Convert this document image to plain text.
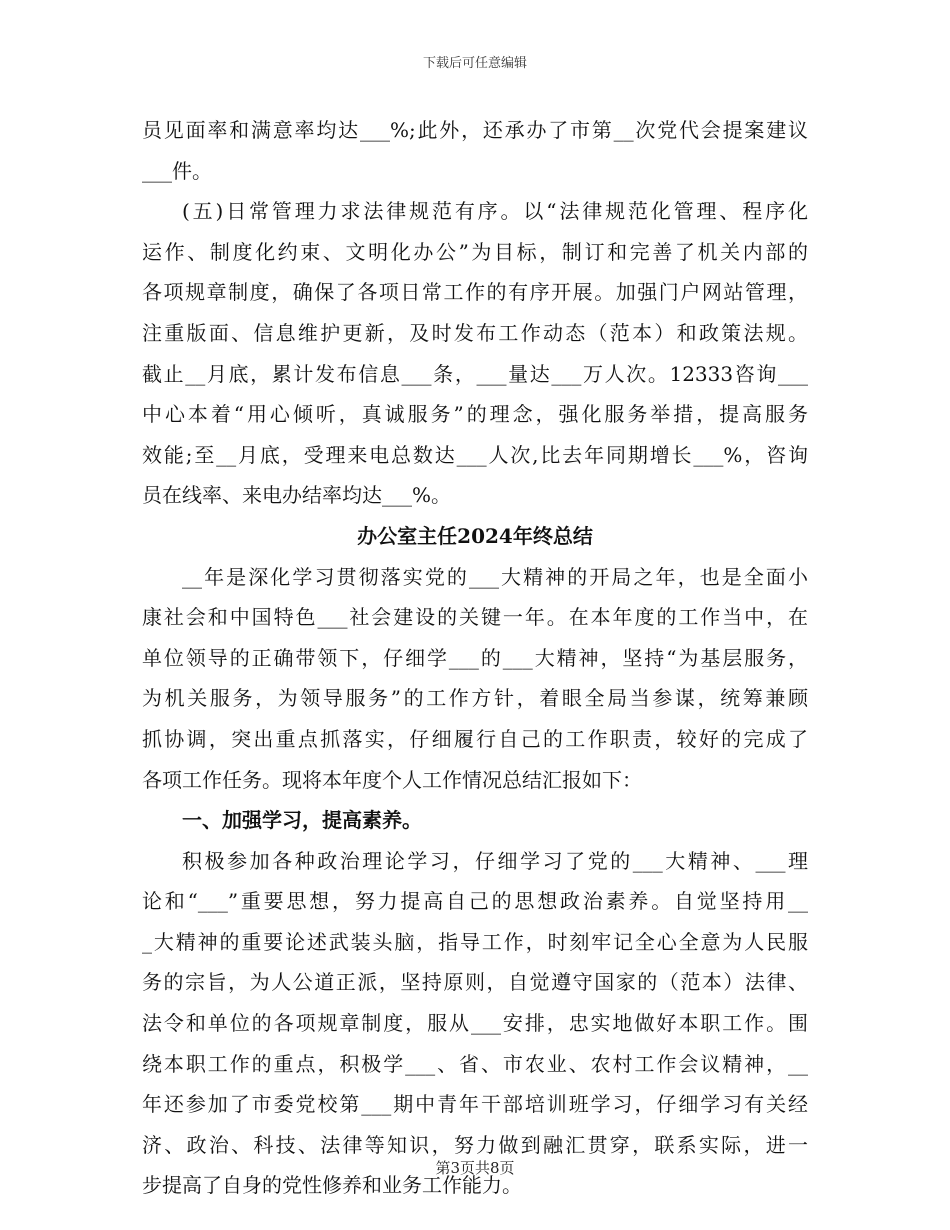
下载后可任意编辑
员见面率和满意率均达___%;此外，还承办了市第__次党代会提案建议
___件。
(五)日常管理力求法律规范有序。以“法律规范化管理、程序化
运作、制度化约束、文明化办公”为目标，制订和完善了机关内部的
各项规章制度，确保了各项日常工作的有序开展。加强门户网站管理，
注重版面、信息维护更新，及时发布工作动态（范本）和政策法规。
截止__月底，累计发布信息___条，___量达___万人次。12333咨询___
中心本着“用心倾听，真诚服务”的理念，强化服务举措，提高服务
效能;至__月底，受理来电总数达___人次,比去年同期增长___%，咨询
员在线率、来电办结率均达___%。
办公室主任2024年终总结
__年是深化学习贯彻落实党的___大精神的开局之年，也是全面小
康社会和中国特色___社会建设的关键一年。在本年度的工作当中，在
单位领导的正确带领下，仔细学___的___大精神，坚持“为基层服务，
为机关服务，为领导服务”的工作方针，着眼全局当参谋，统筹兼顾
抓协调，突出重点抓落实，仔细履行自己的工作职责，较好的完成了
各项工作任务。现将本年度个人工作情况总结汇报如下：
一、加强学习，提高素养。
积极参加各种政治理论学习，仔细学习了党的___大精神、___理
论和“___”重要思想，努力提高自己的思想政治素养。自觉坚持用__
_大精神的重要论述武装头脑，指导工作，时刻牢记全心全意为人民服
务的宗旨，为人公道正派，坚持原则，自觉遵守国家的（范本）法律、
法令和单位的各项规章制度，服从___安排，忠实地做好本职工作。围
绕本职工作的重点，积极学___、省、市农业、农村工作会议精神，__
年还参加了市委党校第___期中青年干部培训班学习，仔细学习有关经
济、政治、科技、法律等知识，努力做到融汇贯穿，联系实际，进一
步提高了自身的党性修养和业务工作能力。
第3页共8页
